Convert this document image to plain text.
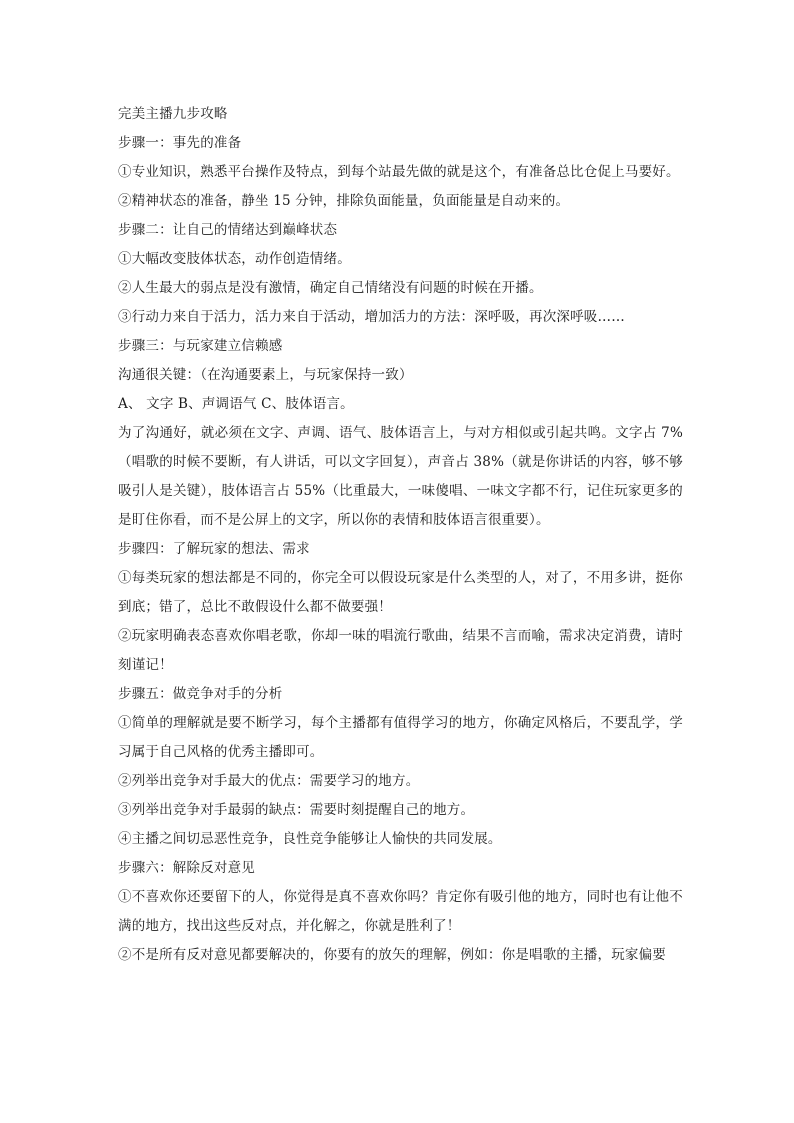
完美主播九步攻略
步骤一：事先的准备
①专业知识，熟悉平台操作及特点，到每个站最先做的就是这个，有准备总比仓促上马要好。
②精神状态的准备，静坐 15 分钟，排除负面能量，负面能量是自动来的。
步骤二：让自己的情绪达到巅峰状态
①大幅改变肢体状态，动作创造情绪。
②人生最大的弱点是没有激情，确定自己情绪没有问题的时候在开播。
③行动力来自于活力，活力来自于活动，增加活力的方法：深呼吸，再次深呼吸……
步骤三：与玩家建立信赖感
沟通很关键：（在沟通要素上，与玩家保持一致）
A、 文字 B、声调语气 C、肢体语言。
为了沟通好，就必须在文字、声调、语气、肢体语言上，与对方相似或引起共鸣。文字占 7%（唱歌的时候不要断，有人讲话，可以文字回复），声音占 38%（就是你讲话的内容，够不够吸引人是关键），肢体语言占 55%（比重最大，一味傻唱、一味文字都不行，记住玩家更多的是盯住你看，而不是公屏上的文字，所以你的表情和肢体语言很重要）。
步骤四：了解玩家的想法、需求
①每类玩家的想法都是不同的，你完全可以假设玩家是什么类型的人，对了，不用多讲，挺你到底；错了，总比不敢假设什么都不做要强！
②玩家明确表态喜欢你唱老歌，你却一味的唱流行歌曲，结果不言而喻，需求决定消费，请时刻谨记！
步骤五：做竞争对手的分析
①简单的理解就是要不断学习，每个主播都有值得学习的地方，你确定风格后，不要乱学，学习属于自己风格的优秀主播即可。
②列举出竞争对手最大的优点：需要学习的地方。
③列举出竞争对手最弱的缺点：需要时刻提醒自己的地方。
④主播之间切忌恶性竞争，良性竞争能够让人愉快的共同发展。
步骤六：解除反对意见
①不喜欢你还要留下的人，你觉得是真不喜欢你吗？肯定你有吸引他的地方，同时也有让他不满的地方，找出这些反对点，并化解之，你就是胜利了！
②不是所有反对意见都要解决的，你要有的放矢的理解，例如：你是唱歌的主播，玩家偏要
